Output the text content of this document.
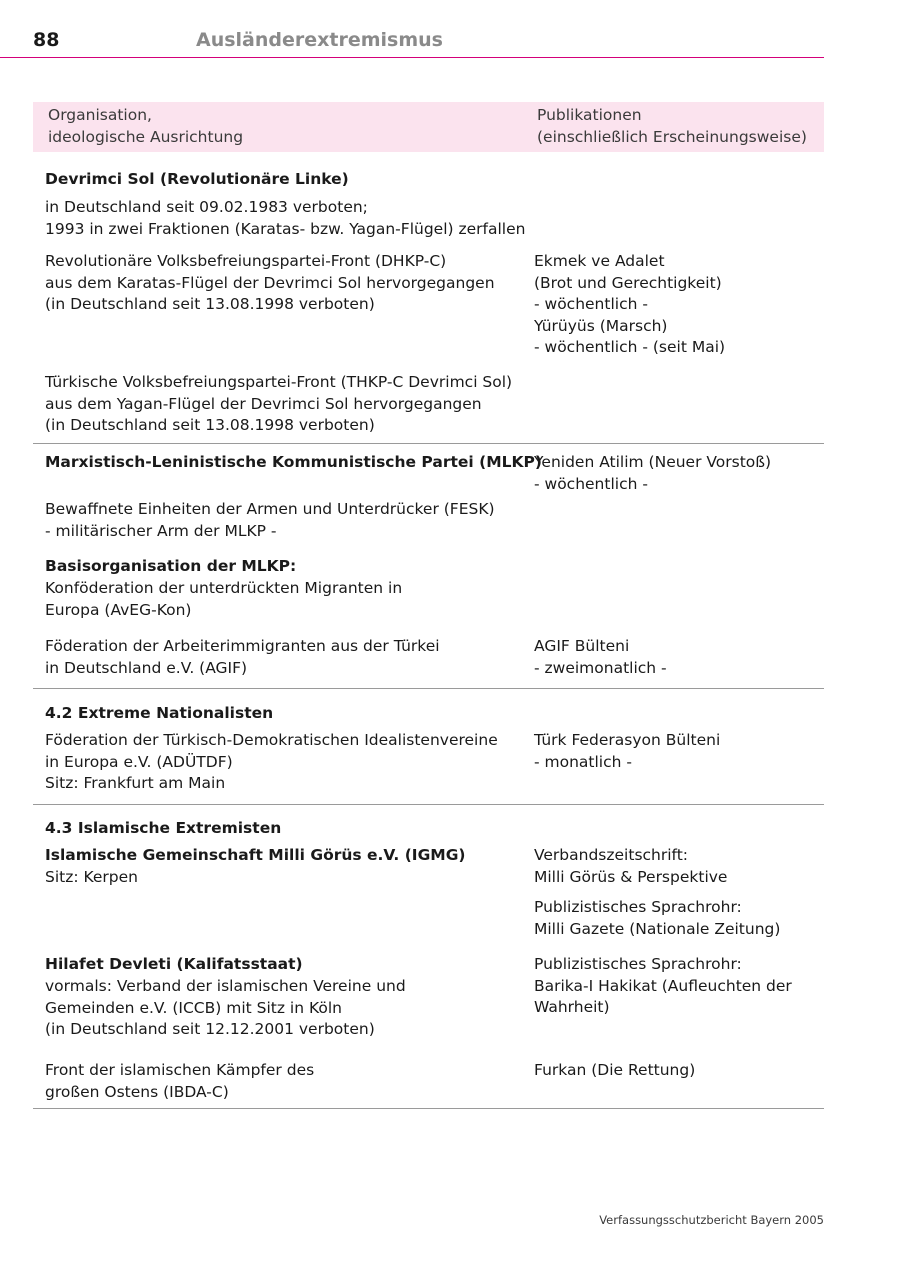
88	Ausländerextremismus
Organisation,
ideologische Ausrichtung
Publikationen
(einschließlich Erscheinungsweise)
Devrimci Sol (Revolutionäre Linke)
in Deutschland seit 09.02.1983 verboten;
1993 in zwei Fraktionen (Karatas- bzw. Yagan-Flügel) zerfallen
Revolutionäre Volksbefreiungspartei-Front (DHKP-C)
aus dem Karatas-Flügel der Devrimci Sol hervorgegangen
(in Deutschland seit 13.08.1998 verboten)
Ekmek ve Adalet
(Brot und Gerechtigkeit)
- wöchentlich -
Yürüyüs (Marsch)
- wöchentlich - (seit Mai)
Türkische Volksbefreiungspartei-Front (THKP-C Devrimci Sol)
aus dem Yagan-Flügel der Devrimci Sol hervorgegangen
(in Deutschland seit 13.08.1998 verboten)
Marxistisch-Leninistische Kommunistische Partei (MLKP)
Yeniden Atilim (Neuer Vorstoß)
- wöchentlich -
Bewaffnete Einheiten der Armen und Unterdrücker (FESK)
- militärischer Arm der MLKP -
Basisorganisation der MLKP:
Konföderation der unterdrückten Migranten in
Europa (AvEG-Kon)
Föderation der Arbeiterimmigranten aus der Türkei
in Deutschland e.V. (AGIF)
AGIF Bülteni
- zweimonatlich -
4.2 Extreme Nationalisten
Föderation der Türkisch-Demokratischen Idealistenvereine
in Europa e.V. (ADÜTDF)
Sitz: Frankfurt am Main
Türk Federasyon Bülteni
- monatlich -
4.3 Islamische Extremisten
Islamische Gemeinschaft Milli Görüs e.V. (IGMG)
Sitz: Kerpen
Verbandszeitschrift:
Milli Görüs & Perspektive
Publizistisches Sprachrohr:
Milli Gazete (Nationale Zeitung)
Hilafet Devleti (Kalifatsstaat)
vormals: Verband der islamischen Vereine und
Gemeinden e.V. (ICCB) mit Sitz in Köln
(in Deutschland seit 12.12.2001 verboten)
Publizistisches Sprachrohr:
Barika-I Hakikat (Aufleuchten der
Wahrheit)
Front der islamischen Kämpfer des
großen Ostens (IBDA-C)
Furkan (Die Rettung)
Verfassungsschutzbericht Bayern 2005
